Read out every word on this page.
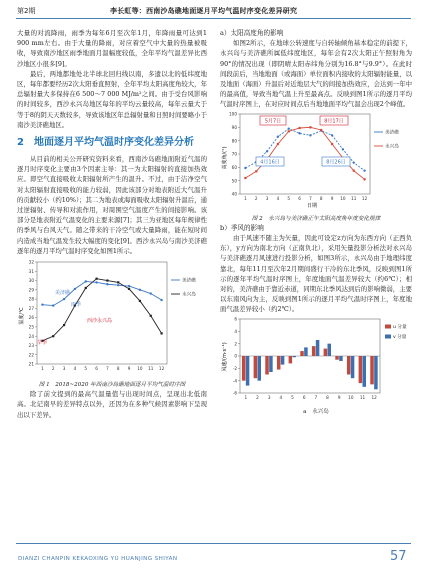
第2期	李长虹等：西南沙岛礁地面逐月平均气温时序变化差异研究

大量的对流降雨，雨季为每年6月至次年1月，年降雨量可达到1 900 mm左右。由于大量的降雨，对应着空气中大量的热量被吸收，导致南沙地区雨季地面月温幅度较低，全年平均气温差异比西沙地区小很多[9]。

最后，两地都地处北半球北回归线以南，多遗以北的低纬度地区，每年都要经历2次太阳垂直照射，全年平均太阳高度角较大，年总辐射量大多保持在6 500～7 000 MJ/m²之间。由于受台风影响的时间较多，西沙永兴岛地区每年的平均云量较高，每年云量大于等于8的阴天天数较多，导致该地区年总辐射量和日照时间要略小于南沙美济礁地区。

2　地面逐月平均气温时序变化差异分析

从目前的相关公开研究资料来看，西南沙岛礁地面附近气温的逐月时序变化主要由3个因素主导：其一为太阳辐射的直接加热效应。即空气直接吸收太阳辐射所产生的温升。不过，由于洁净空气对太阳辐射直接吸收的能力较弱，因此该部分对地表附近大气温升的贡献较小（约10%）；其二为地表或海面吸收太阳辐射升温后，通过逆辐射、传导和对流作用，对周围空气温度产生的间接影响。该部分是地表附近气温变化的主要来源[7]；其三为亚地区每年规律性的季风与台风天气。随之带来的干冷空气或大量降雨，能在短时间内造成当地气温发生较大幅度的变化[9]。西沙永兴岛与南沙美济礁逐年的逐月平均气温时序变化如图1所示。

21
22
23
24
25
26
27
28
29
30
31
32
1 2 3 4 5 6 7 8 9 10 11 12
温度/℃	西沙永兴岛
雨季
旱季
美济礁
美济礁
永兴岛

图 1　2018~2020 年西南沙岛礁地面逐月平均气温时序图

除了前文提到的最高气温量值与出现时间点，呈现出北低南高。北记南早的差异特点以外，还因为在多种气候因素影响下呈现出以下差异。

a）太阳高度角的影响

如图2所示，在地球公转速度与自转轴倾角基本稳定的前提下，永兴岛与美济礁所属低纬度地区，每年会有2次太阳正午照射角为90°的情况出现（即阴晴太阳赤纬角分别为16.8°与9.9°）。在此时间段前后，当地地面（或海面）单位面积内接收的太阳辐射能量，以及地面（海面）升温后对近地层大气的间接加热效应，会达到一年中的最高值，导致当地气温上升至最高点。反映到图1所示的逐月平均气温时序图上，在对应时间点后当地地面平均气温会出现2个峰值。

40
50
60
70
80
90
100
1 2 3 4 5 6 7 8 9 10 11 12
高度角/(°)
日期
5月7日	8月17日
4月16日	8月26日
美济礁
永兴岛

图 2　永兴岛与美济礁正午太阳高度角年度变化规律

b）季风的影响

由于风速不随主为矢量，因此可设定z方向为东西方向（正西负东），y方向为南北方向（正南负北），采用矢量投影分析法对永兴岛与美济礁逐月风速进行投影分析，如图3所示，永兴岛由于地理纬度靠北，每年11月至次年2月期间盛行干冷的东北季风，反映到图1所示的逐年平均气温时序图上，年度地面气温差异较大（约6℃）；相对的，美济礁由于靠近赤道，同期东北季风达到后的影响微弱，主要以东南风向为主，反映到图1所示的逐月平均气温时序图上，年度地面气温差异较小（约2℃）。

-6
-4
-2
0
2
4
6
1 2 3 4 5 6 7 8 9 10 11 12
风速/(m·s⁻¹)
u 分量
v 分量

a　永兴岛

DIANZI CHANPIN KEKAOXING YU HUANJING SHIYAN	57
